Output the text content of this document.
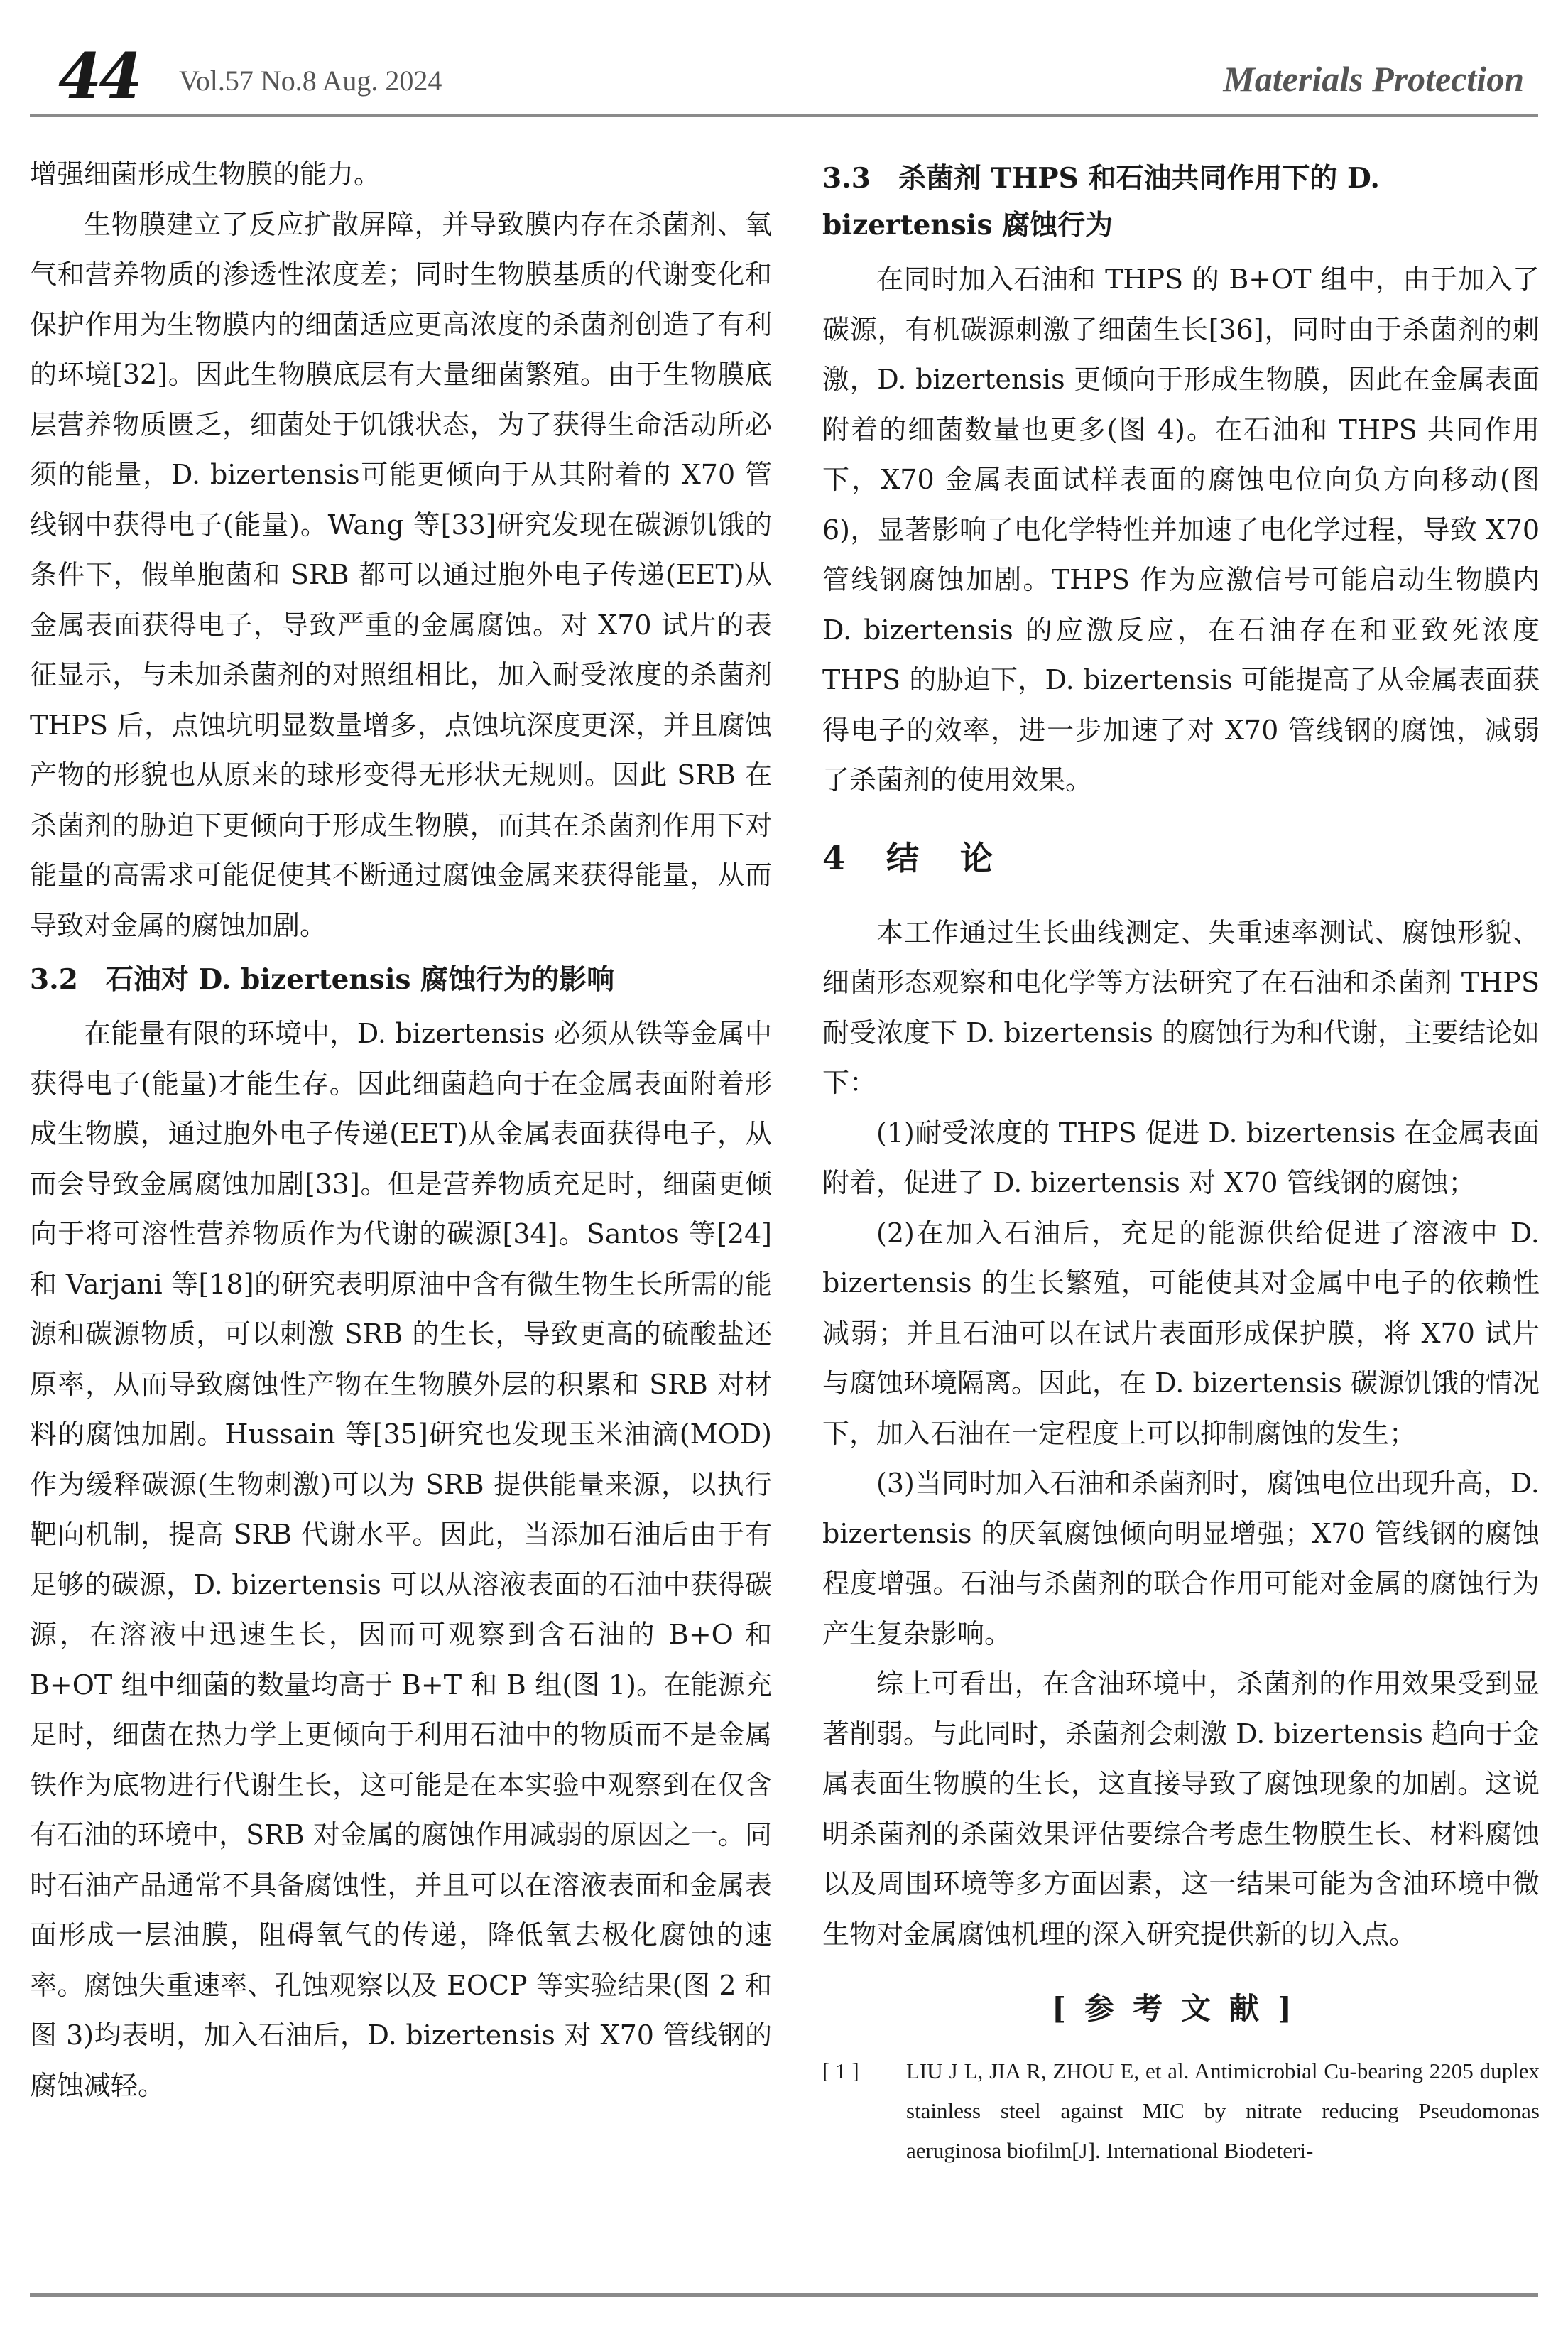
44 Vol.57 No.8 Aug. 2024	Materials Protection

增强细菌形成生物膜的能力。

生物膜建立了反应扩散屏障，并导致膜内存在杀菌剂、氧气和营养物质的渗透性浓度差；同时生物膜基质的代谢变化和保护作用为生物膜内的细菌适应更高浓度的杀菌剂创造了有利的环境[32]。因此生物膜底层有大量细菌繁殖。由于生物膜底层营养物质匮乏，细菌处于饥饿状态，为了获得生命活动所必须的能量，D. bizertensis可能更倾向于从其附着的 X70 管线钢中获得电子(能量)。Wang 等[33]研究发现在碳源饥饿的条件下，假单胞菌和 SRB 都可以通过胞外电子传递(EET)从金属表面获得电子，导致严重的金属腐蚀。对 X70 试片的表征显示，与未加杀菌剂的对照组相比，加入耐受浓度的杀菌剂 THPS 后，点蚀坑明显数量增多，点蚀坑深度更深，并且腐蚀产物的形貌也从原来的球形变得无形状无规则。因此 SRB 在杀菌剂的胁迫下更倾向于形成生物膜，而其在杀菌剂作用下对能量的高需求可能促使其不断通过腐蚀金属来获得能量，从而导致对金属的腐蚀加剧。

3.2　石油对 D. bizertensis 腐蚀行为的影响

在能量有限的环境中，D. bizertensis 必须从铁等金属中获得电子(能量)才能生存。因此细菌趋向于在金属表面附着形成生物膜，通过胞外电子传递(EET)从金属表面获得电子，从而会导致金属腐蚀加剧[33]。但是营养物质充足时，细菌更倾向于将可溶性营养物质作为代谢的碳源[34]。Santos 等[24]和 Varjani 等[18]的研究表明原油中含有微生物生长所需的能源和碳源物质，可以刺激 SRB 的生长，导致更高的硫酸盐还原率，从而导致腐蚀性产物在生物膜外层的积累和 SRB 对材料的腐蚀加剧。Hussain 等[35]研究也发现玉米油滴(MOD)作为缓释碳源(生物刺激)可以为 SRB 提供能量来源，以执行靶向机制，提高 SRB 代谢水平。因此，当添加石油后由于有足够的碳源，D. bizertensis 可以从溶液表面的石油中获得碳源，在溶液中迅速生长，因而可观察到含石油的 B+O 和 B+OT 组中细菌的数量均高于 B+T 和 B 组(图 1)。在能源充足时，细菌在热力学上更倾向于利用石油中的物质而不是金属铁作为底物进行代谢生长，这可能是在本实验中观察到在仅含有石油的环境中，SRB 对金属的腐蚀作用减弱的原因之一。同时石油产品通常不具备腐蚀性，并且可以在溶液表面和金属表面形成一层油膜，阻碍氧气的传递，降低氧去极化腐蚀的速率。腐蚀失重速率、孔蚀观察以及 EOCP 等实验结果(图 2 和图 3)均表明，加入石油后，D. bizertensis 对 X70 管线钢的腐蚀减轻。

3.3　杀菌剂 THPS 和石油共同作用下的 D. bizertensis 腐蚀行为

在同时加入石油和 THPS 的 B+OT 组中，由于加入了碳源，有机碳源刺激了细菌生长[36]，同时由于杀菌剂的刺激，D. bizertensis 更倾向于形成生物膜，因此在金属表面附着的细菌数量也更多(图 4)。在石油和 THPS 共同作用下，X70 金属表面试样表面的腐蚀电位向负方向移动(图 6)，显著影响了电化学特性并加速了电化学过程，导致 X70 管线钢腐蚀加剧。THPS 作为应激信号可能启动生物膜内 D. bizertensis 的应激反应，在石油存在和亚致死浓度 THPS 的胁迫下，D. bizertensis 可能提高了从金属表面获得电子的效率，进一步加速了对 X70 管线钢的腐蚀，减弱了杀菌剂的使用效果。

4　结　论

本工作通过生长曲线测定、失重速率测试、腐蚀形貌、细菌形态观察和电化学等方法研究了在石油和杀菌剂 THPS 耐受浓度下 D. bizertensis 的腐蚀行为和代谢，主要结论如下：

(1)耐受浓度的 THPS 促进 D. bizertensis 在金属表面附着，促进了 D. bizertensis 对 X70 管线钢的腐蚀；

(2)在加入石油后，充足的能源供给促进了溶液中 D. bizertensis 的生长繁殖，可能使其对金属中电子的依赖性减弱；并且石油可以在试片表面形成保护膜，将 X70 试片与腐蚀环境隔离。因此，在 D. bizertensis 碳源饥饿的情况下，加入石油在一定程度上可以抑制腐蚀的发生；

(3)当同时加入石油和杀菌剂时，腐蚀电位出现升高，D. bizertensis 的厌氧腐蚀倾向明显增强；X70 管线钢的腐蚀程度增强。石油与杀菌剂的联合作用可能对金属的腐蚀行为产生复杂影响。

综上可看出，在含油环境中，杀菌剂的作用效果受到显著削弱。与此同时，杀菌剂会刺激 D. bizertensis 趋向于金属表面生物膜的生长，这直接导致了腐蚀现象的加剧。这说明杀菌剂的杀菌效果评估要综合考虑生物膜生长、材料腐蚀以及周围环境等多方面因素，这一结果可能为含油环境中微生物对金属腐蚀机理的深入研究提供新的切入点。

[参考文献]
[ 1 ]	LIU J L, JIA R, ZHOU E, et al. Antimicrobial Cu-bearing 2205 duplex stainless steel against MIC by nitrate reducing Pseudomonas aeruginosa biofilm[J]. International Biodeteri-
